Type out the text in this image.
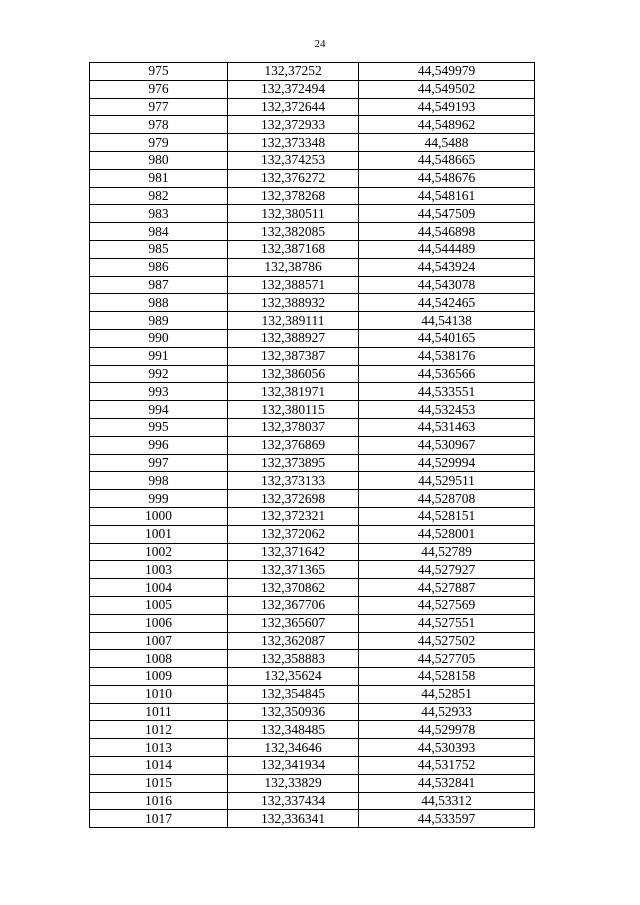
24
975	132,37252	44,549979
976	132,372494	44,549502
977	132,372644	44,549193
978	132,372933	44,548962
979	132,373348	44,5488
980	132,374253	44,548665
981	132,376272	44,548676
982	132,378268	44,548161
983	132,380511	44,547509
984	132,382085	44,546898
985	132,387168	44,544489
986	132,38786	44,543924
987	132,388571	44,543078
988	132,388932	44,542465
989	132,389111	44,54138
990	132,388927	44,540165
991	132,387387	44,538176
992	132,386056	44,536566
993	132,381971	44,533551
994	132,380115	44,532453
995	132,378037	44,531463
996	132,376869	44,530967
997	132,373895	44,529994
998	132,373133	44,529511
999	132,372698	44,528708
1000	132,372321	44,528151
1001	132,372062	44,528001
1002	132,371642	44,52789
1003	132,371365	44,527927
1004	132,370862	44,527887
1005	132,367706	44,527569
1006	132,365607	44,527551
1007	132,362087	44,527502
1008	132,358883	44,527705
1009	132,35624	44,528158
1010	132,354845	44,52851
1011	132,350936	44,52933
1012	132,348485	44,529978
1013	132,34646	44,530393
1014	132,341934	44,531752
1015	132,33829	44,532841
1016	132,337434	44,53312
1017	132,336341	44,533597
